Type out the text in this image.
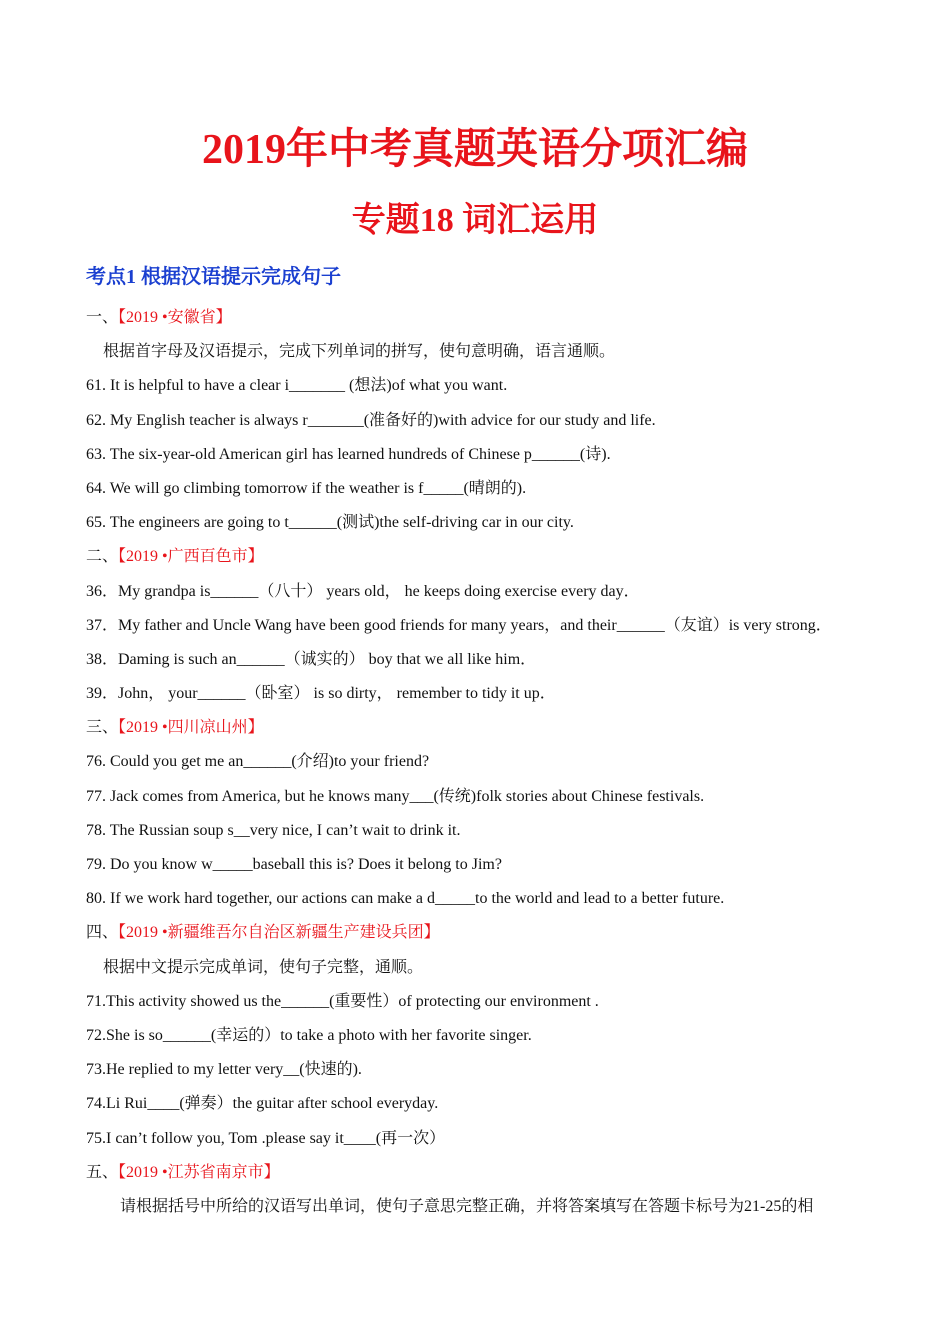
2019年中考真题英语分项汇编
专题18 词汇运用
考点1 根据汉语提示完成句子
一、【2019 •安徽省】
根据首字母及汉语提示，完成下列单词的拼写，使句意明确，语言通顺。
61. It is helpful to have a clear i_______ (想法)of what you want.
62. My English teacher is always r_______(准备好的)with advice for our study and life.
63. The six-year-old American girl has learned hundreds of Chinese p______(诗).
64. We will go climbing tomorrow if the weather is f_____(晴朗的).
65. The engineers are going to t______(测试)the self-driving car in our city.
二、【2019 •广西百色市】
36．My grandpa is______（八十） years old， he keeps doing exercise every day．
37．My father and Uncle Wang have been good friends for many years，and their______（友谊）is very strong．
38．Daming is such an______（诚实的） boy that we all like him．
39．John， your______（卧室） is so dirty， remember to tidy it up．
三、【2019 •四川凉山州】
76. Could you get me an______(介绍)to your friend?
77. Jack comes from America, but he knows many___(传统)folk stories about Chinese festivals.
78. The Russian soup s__very nice, I can’t wait to drink it.
79. Do you know w_____baseball this is? Does it belong to Jim?
80. If we work hard together, our actions can make a d_____to the world and lead to a better future.
四、【2019 •新疆维吾尔自治区新疆生产建设兵团】
根据中文提示完成单词，使句子完整，通顺。
71.This activity showed us the______(重要性）of protecting our environment .
72.She is so______(幸运的）to take a photo with her favorite singer.
73.He replied to my letter very__(快速的).
74.Li Rui____(弹奏）the guitar after school everyday.
75.I can’t follow you, Tom .please say it____(再一次）
五、【2019 •江苏省南京市】
请根据括号中所给的汉语写出单词，使句子意思完整正确，并将答案填写在答题卡标号为21-25的相
